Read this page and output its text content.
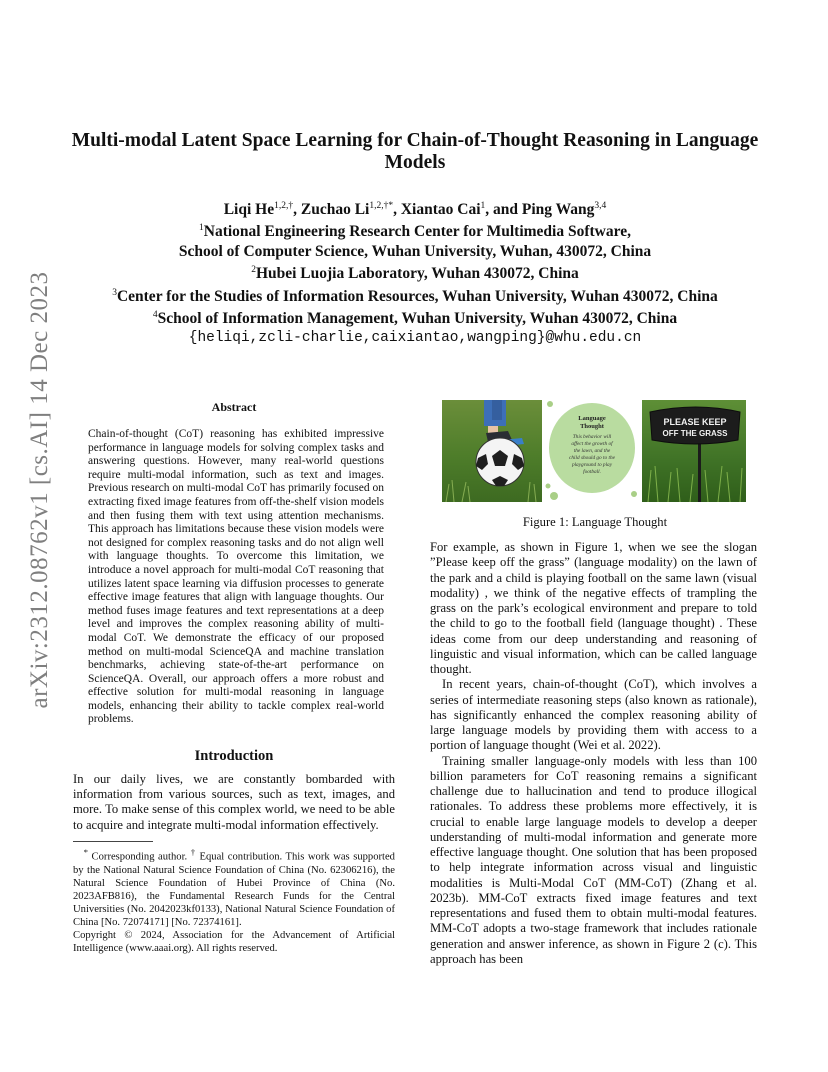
arXiv:2312.08762v1 [cs.AI] 14 Dec 2023
Multi-modal Latent Space Learning for Chain-of-Thought Reasoning in Language Models
Liqi $He^{1,2,\dagger}$, Zuchao $Li^{1,2,\dagger*}$, Xiantao Cai$^1$, and Ping Wang$^{3,4}$
$^1$National Engineering Research Center for Multimedia Software,
School of Computer Science, Wuhan University, Wuhan, 430072, China
$^2$Hubei Luojia Laboratory, Wuhan 430072, China
$^3$Center for the Studies of Information Resources, Wuhan University, Wuhan 430072, China
$^4$School of Information Management, Wuhan University, Wuhan 430072, China
{heliqi,zcli-charlie,caixiantao,wangping}@whu.edu.cn
Abstract
Chain-of-thought (CoT) reasoning has exhibited impressive performance in language models for solving complex tasks and answering questions. However, many real-world questions require multi-modal information, such as text and images. Previous research on multi-modal CoT has primarily focused on extracting fixed image features from off-the-shelf vision models and then fusing them with text using attention mechanisms. This approach has limitations because these vision models were not designed for complex reasoning tasks and do not align well with language thoughts. To overcome this limitation, we introduce a novel approach for multi-modal CoT reasoning that utilizes latent space learning via diffusion processes to generate effective image features that align with language thoughts. Our method fuses image features and text representations at a deep level and improves the complex reasoning ability of multi-modal CoT. We demonstrate the efficacy of our proposed method on multi-modal ScienceQA and machine translation benchmarks, achieving state-of-the-art performance on ScienceQA. Overall, our approach offers a more robust and effective solution for multi-modal reasoning in language models, enhancing their ability to tackle complex real-world problems.
Introduction
In our daily lives, we are constantly bombarded with information from various sources, such as text, images, and more. To make sense of this complex world, we need to be able to acquire and integrate multi-modal information effectively.

* Corresponding author. † Equal contribution. This work was supported by the National Natural Science Foundation of China (No. 62306216), the Natural Science Foundation of Hubei Province of China (No. 2023AFB816), the Fundamental Research Funds for the Central Universities (No. 2042023kf0133), National Natural Science Foundation of China [No. 72074171] [No. 72374161].

Copyright © 2024, Association for the Advancement of Artificial Intelligence (www.aaai.org). All rights reserved.

Language
Thought
This behavior will
affect the growth of
the lawn, and the
child should go to the
playground to play
football.
PLEASE KEEP
OFF THE GRASS
Figure 1: Language Thought

For example, as shown in Figure 1, when we see the slogan ”Please keep off the grass” (language modality) on the lawn of the park and a child is playing football on the same lawn (visual modality) , we think of the negative effects of trampling the grass on the park’s ecological environment and prepare to told the child to go to the football field (language thought) . These ideas come from our deep understanding and reasoning of linguistic and visual information, which can be called language thought.

In recent years, chain-of-thought (CoT), which involves a series of intermediate reasoning steps (also known as rationale), has significantly enhanced the complex reasoning ability of large language models by providing them with access to a portion of language thought (Wei et al. 2022).

Training smaller language-only models with less than 100 billion parameters for CoT reasoning remains a significant challenge due to hallucination and tend to produce illogical rationales. To address these problems more effectively, it is crucial to enable large language models to develop a deeper understanding of multi-modal information and generate more effective language thought. One solution that has been proposed to help integrate information across visual and linguistic modalities is Multi-Modal CoT (MM-CoT) (Zhang et al. 2023b). MM-CoT extracts fixed image features and text representations and fused them to obtain multi-modal features. MM-CoT adopts a two-stage framework that includes rationale generation and answer inference, as shown in Figure 2 (c). This approach has been
